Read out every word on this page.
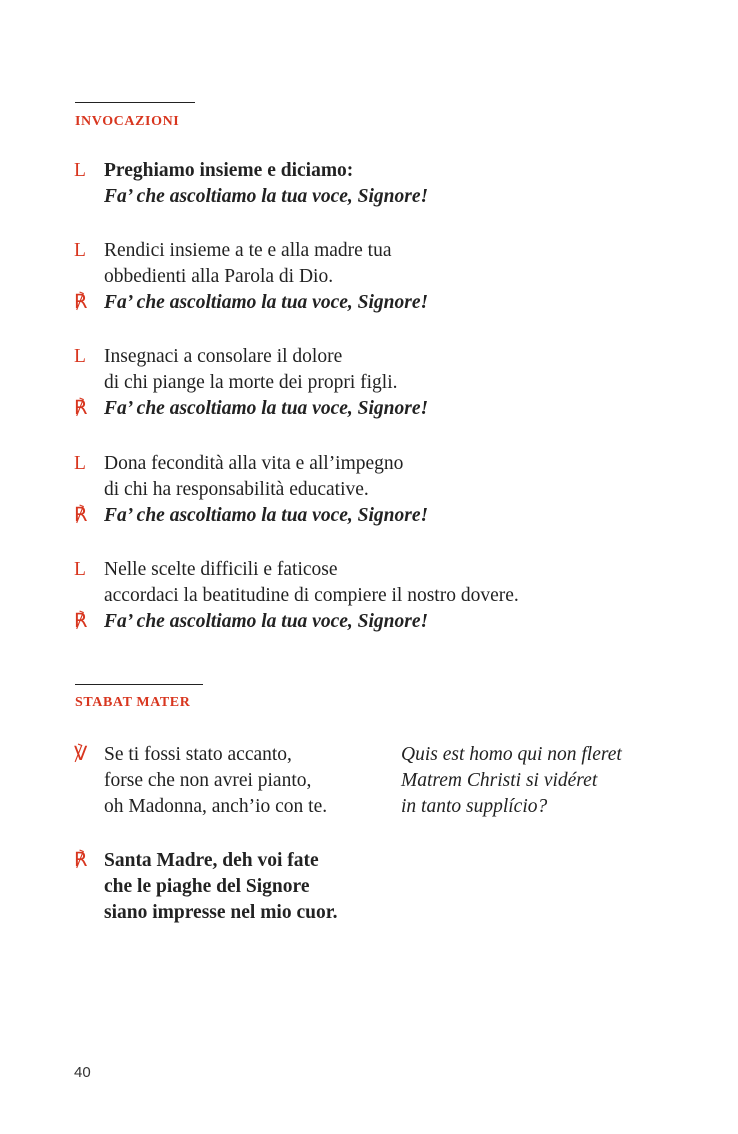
INVOCAZIONI
L Preghiamo insieme e diciamo:
Fa’ che ascoltiamo la tua voce, Signore!
L Rendici insieme a te e alla madre tua
obbedienti alla Parola di Dio.
℟ Fa’ che ascoltiamo la tua voce, Signore!
L Insegnaci a consolare il dolore
di chi piange la morte dei propri figli.
℟ Fa’ che ascoltiamo la tua voce, Signore!
L Dona fecondità alla vita e all’impegno
di chi ha responsabilità educative.
℟ Fa’ che ascoltiamo la tua voce, Signore!
L Nelle scelte difficili e faticose
accordaci la beatitudine di compiere il nostro dovere.
℟ Fa’ che ascoltiamo la tua voce, Signore!
STABAT MATER
℣ Se ti fossi stato accanto,
forse che non avrei pianto,
oh Madonna, anch’io con te.
Quis est homo qui non fleret
Matrem Christi si vidéret
in tanto supplício?
℟ Santa Madre, deh voi fate
che le piaghe del Signore
siano impresse nel mio cuor.
40
